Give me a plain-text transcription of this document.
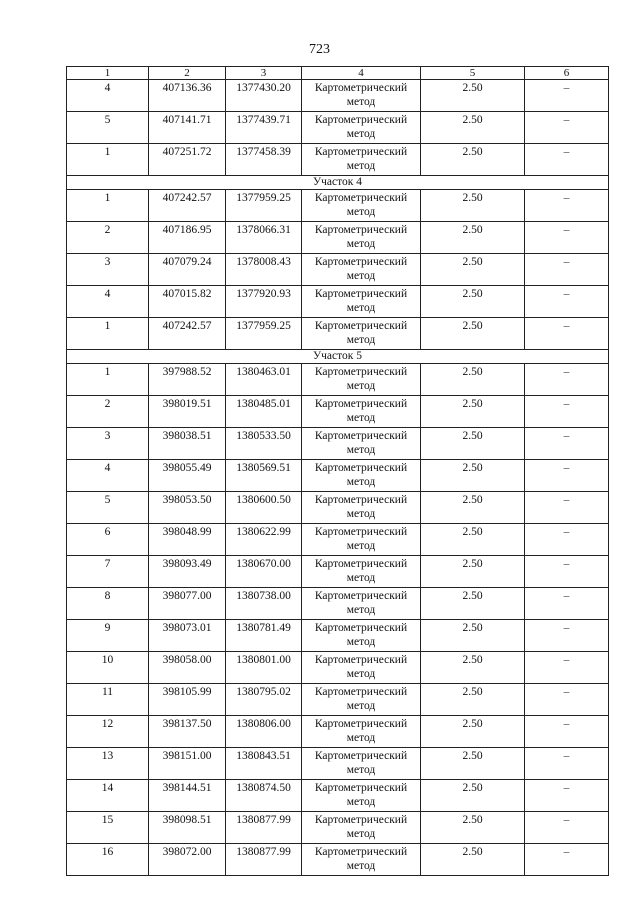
723
1	2	3	4	5	6
4	407136.36	1377430.20	Картометрический метод	2.50	–
5	407141.71	1377439.71	Картометрический метод	2.50	–
1	407251.72	1377458.39	Картометрический метод	2.50	–
Участок 4					
1	407242.57	1377959.25	Картометрический метод	2.50	–
2	407186.95	1378066.31	Картометрический метод	2.50	–
3	407079.24	1378008.43	Картометрический метод	2.50	–
4	407015.82	1377920.93	Картометрический метод	2.50	–
1	407242.57	1377959.25	Картометрический метод	2.50	–
Участок 5					
1	397988.52	1380463.01	Картометрический метод	2.50	–
2	398019.51	1380485.01	Картометрический метод	2.50	–
3	398038.51	1380533.50	Картометрический метод	2.50	–
4	398055.49	1380569.51	Картометрический метод	2.50	–
5	398053.50	1380600.50	Картометрический метод	2.50	–
6	398048.99	1380622.99	Картометрический метод	2.50	–
7	398093.49	1380670.00	Картометрический метод	2.50	–
8	398077.00	1380738.00	Картометрический метод	2.50	–
9	398073.01	1380781.49	Картометрический метод	2.50	–
10	398058.00	1380801.00	Картометрический метод	2.50	–
11	398105.99	1380795.02	Картометрический метод	2.50	–
12	398137.50	1380806.00	Картометрический метод	2.50	–
13	398151.00	1380843.51	Картометрический метод	2.50	–
14	398144.51	1380874.50	Картометрический метод	2.50	–
15	398098.51	1380877.99	Картометрический метод	2.50	–
16	398072.00	1380877.99	Картометрический метод	2.50	–
